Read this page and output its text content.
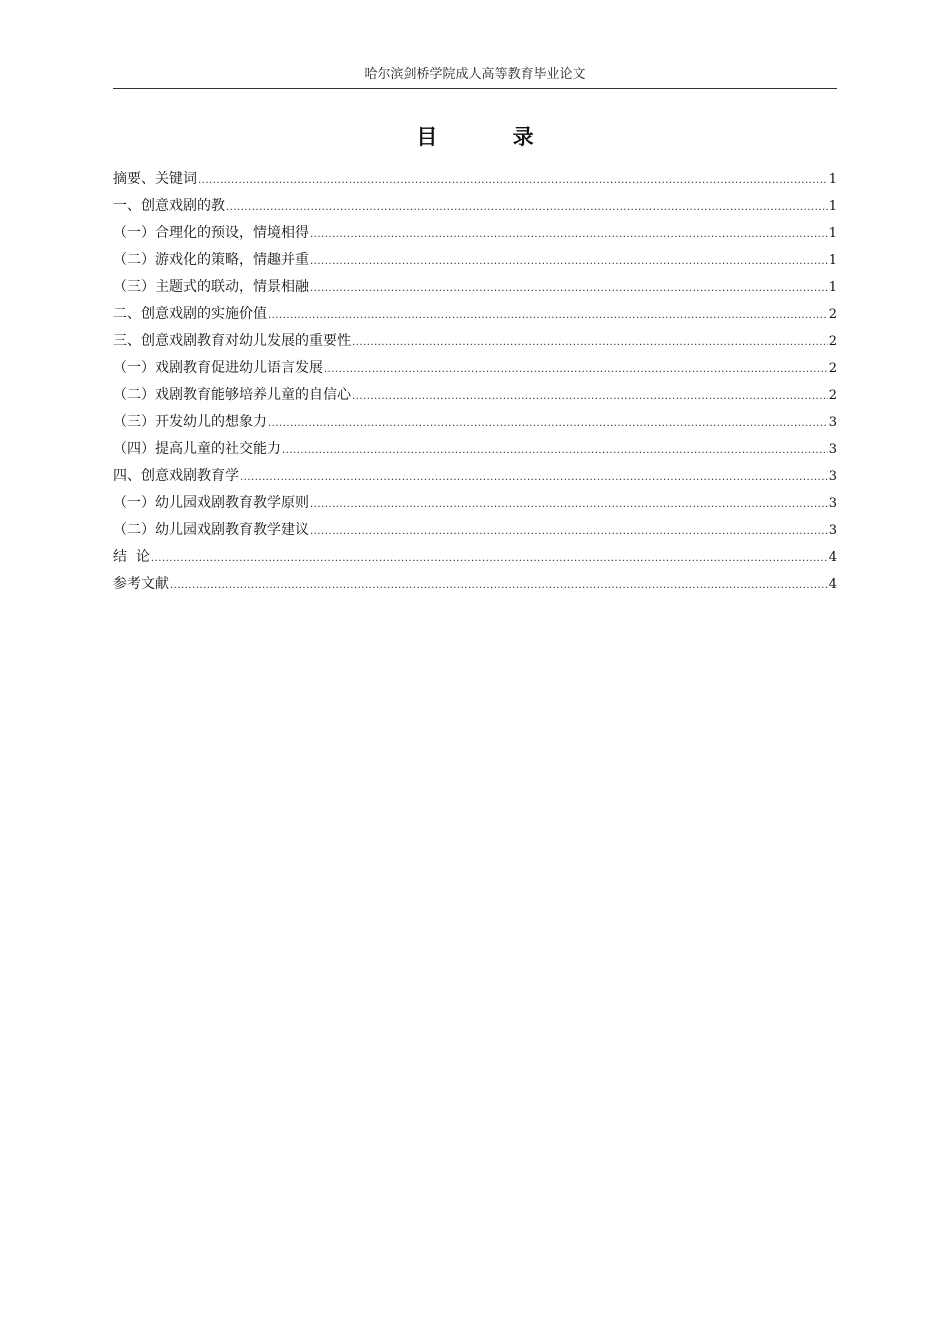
哈尔滨剑桥学院成人高等教育毕业论文
目 录
摘要、关键词 .....	1
一、创意戏剧的教 .....	1
（一）合理化的预设，情境相得 .....	1
（二）游戏化的策略，情趣并重 .....	1
（三）主题式的联动，情景相融 .....	1
二、创意戏剧的实施价值 .....	2
三、创意戏剧教育对幼儿发展的重要性 .....	2
（一）戏剧教育促进幼儿语言发展 .....	2
（二）戏剧教育能够培养儿童的自信心 .....	2
（三）开发幼儿的想象力 .....	3
（四）提高儿童的社交能力 .....	3
四、创意戏剧教育学 .....	3
（一）幼儿园戏剧教育教学原则 .....	3
（二）幼儿园戏剧教育教学建议 .....	3
结  论 .....	4
参考文献 .....	4
